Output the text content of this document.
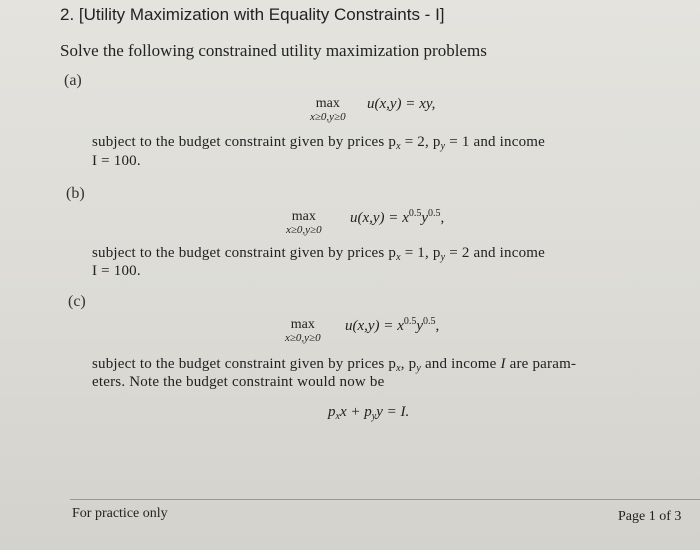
2. [Utility Maximization with Equality Constraints - I]
Solve the following constrained utility maximization problems
(a)
max
x≥0,y≥0
u(x,y) = xy,
subject to the budget constraint given by prices $p_x = 2$, $p_y = 1$ and income
I = 100.
(b)
max
x≥0,y≥0
$u(x,y) = x^{0.5}y^{0.5}$,
subject to the budget constraint given by prices $p_x = 1$, $p_y = 2$ and income
I = 100.
(c)
max
x≥0,y≥0
$u(x,y) = x^{0.5}y^{0.5}$,
subject to the budget constraint given by prices $p_x$, $p_y$ and income I are param-
eters. Note the budget constraint would now be
$p_xx + p_yy = I$.
For practice only	Page 1 of 3
